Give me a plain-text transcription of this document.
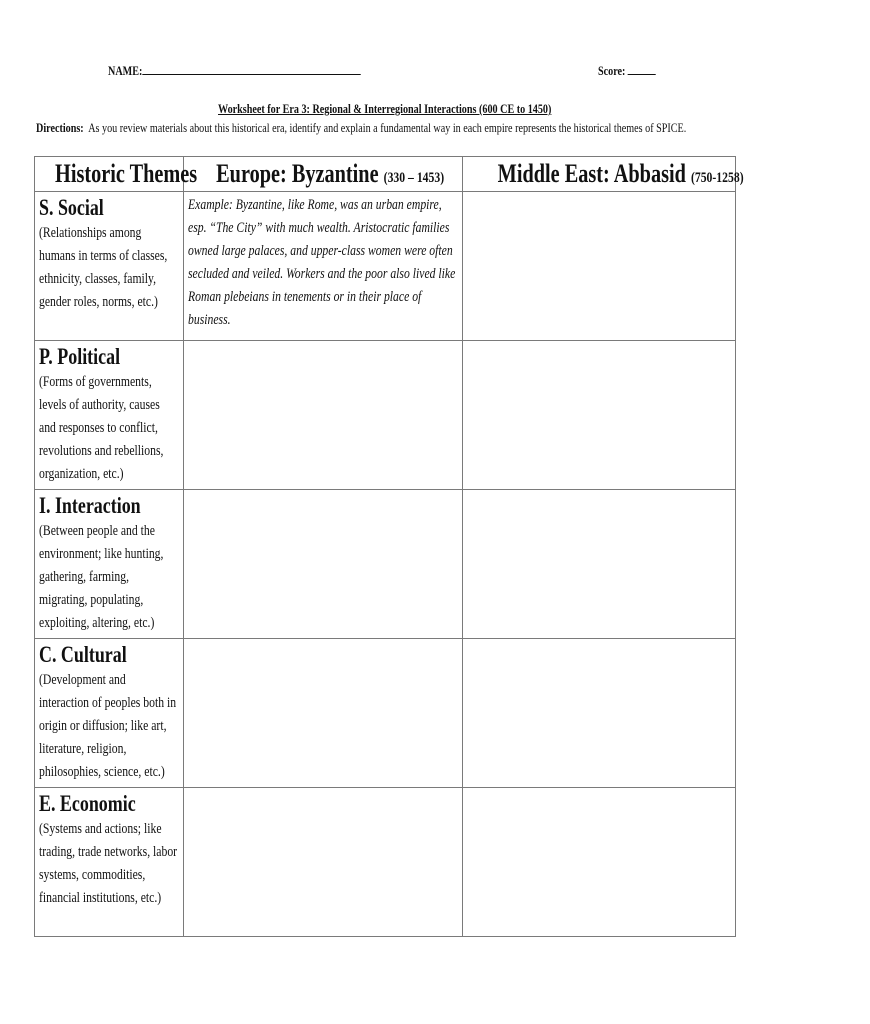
NAME:	Score:
Worksheet for Era 3: Regional & Interregional Interactions (600 CE to 1450)
Directions: As you review materials about this historical era, identify and explain a fundamental way in each empire represents the historical themes of SPICE.
Historic Themes	Europe: Byzantine (330 – 1453)	Middle East: Abbasid (750-1258)

S. Social
(Relationships among humans in terms of classes, ethnicity, classes, family, gender roles, norms, etc.)	Example: Byzantine, like Rome, was an urban empire, esp. “The City” with much wealth. Aristocratic families owned large palaces, and upper-class women were often secluded and veiled. Workers and the poor also lived like Roman plebeians in tenements or in their place of business.	

P. Political
(Forms of governments, levels of authority, causes and responses to conflict, revolutions and rebellions, organization, etc.)		

I. Interaction
(Between people and the environment; like hunting, gathering, farming, migrating, populating, exploiting, altering, etc.)		

C. Cultural
(Development and interaction of peoples both in origin or diffusion; like art, literature, religion, philosophies, science, etc.)		

E. Economic
(Systems and actions; like trading, trade networks, labor systems, commodities, financial institutions, etc.)		
